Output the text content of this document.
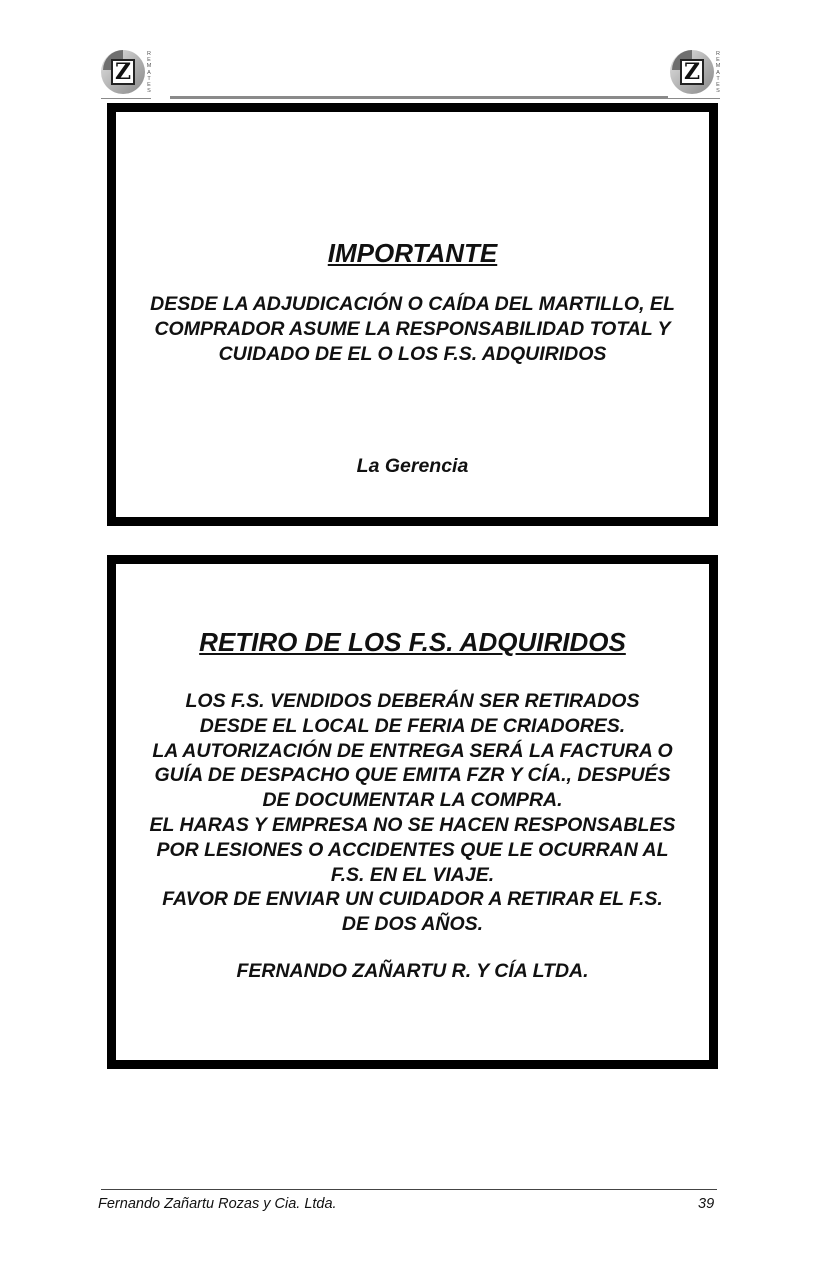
Z
R
E
M
A
T
E
S
Z
R
E
M
A
T
E
S
IMPORTANTE

DESDE LA ADJUDICACIÓN O CAÍDA DEL MARTILLO, EL
COMPRADOR ASUME LA RESPONSABILIDAD TOTAL Y
CUIDADO DE EL O LOS F.S. ADQUIRIDOS

La Gerencia
RETIRO DE LOS F.S. ADQUIRIDOS

LOS F.S. VENDIDOS DEBERÁN SER RETIRADOS
DESDE EL LOCAL DE FERIA DE CRIADORES.
LA AUTORIZACIÓN DE ENTREGA SERÁ LA FACTURA O
GUÍA DE DESPACHO QUE EMITA FZR Y CÍA., DESPUÉS
DE DOCUMENTAR LA COMPRA.
EL HARAS Y EMPRESA NO SE HACEN RESPONSABLES
POR LESIONES O ACCIDENTES QUE LE OCURRAN AL
F.S. EN EL VIAJE.
FAVOR DE ENVIAR UN CUIDADOR A RETIRAR EL F.S.
DE DOS AÑOS.

FERNANDO ZAÑARTU R. Y CÍA LTDA.
Fernando Zañartu Rozas y Cia. Ltda.	39
